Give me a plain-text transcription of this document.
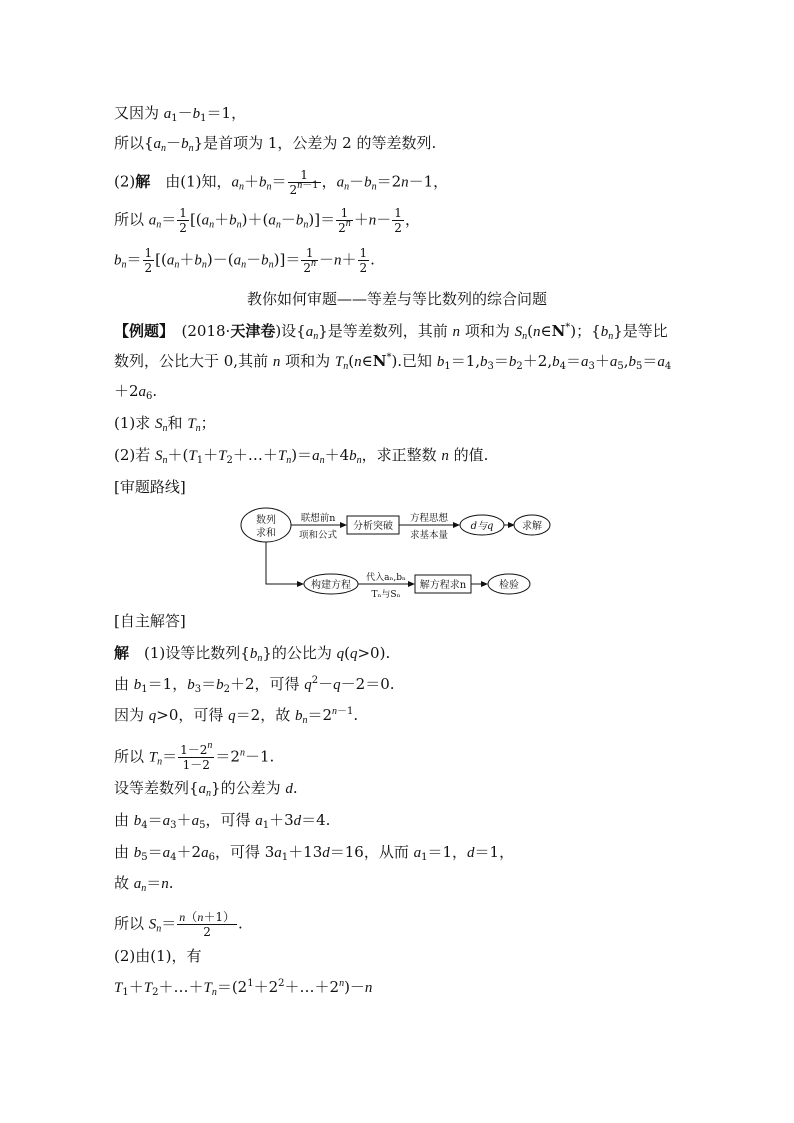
又因为 $a_1-b_1=1$，
所以$\{a_n-b_n\}$是首项为 1，公差为 2 的等差数列.
(2)解　由(1)知，$a_n+b_n= \frac{1}{2^{n-1}}$ ，$a_n-b_n=2n-1$，
所以 $a_n= \frac{1}{2} [(a_n+b_n)+(a_n-b_n)]= \frac{1}{2^n} +n- \frac{1}{2}$ ，
$b_n= \frac{1}{2} [(a_n+b_n)-(a_n-b_n)]= \frac{1}{2^n} -n+ \frac{1}{2}$ .
教你如何审题——等差与等比数列的综合问题
【例题】　(2018·天津卷)设$\{a_n\}$是等差数列，其前 n 项和为 $S_n(n\in N^*)$；$\{b_n\}$是等比
数列，公比大于 0,其前 n 项和为 $T_n(n\in N^*)$.已知 $b_1=1,b_3=b_2+2,b_4=a_3+a_5,b_5=a_4$
$+2a_6$.
(1)求 $S_n$和 $T_n$；
(2)若 $S_n+(T_1+T_2+\dots+T_n)=a_n+4b_n$，求正整数 n 的值.
[审题路线]
数列
求和
联想前n
项和公式
分析突破
方程思想
求基本量
d与q	求解
构建方程
代入aₙ,bₙ
Tₙ与Sₙ
解方程求n	检验
[自主解答]
解　(1)设等比数列$\{b_n\}$的公比为 q(q>0).
由 $b_1=1$，$b_3=b_2+2$，可得 $q^2-q-2=0$.
因为 q>0，可得 q＝2，故 $b_n=2^{n-1}$.
所以 $T_n= \frac{1-2^n}{1-2} =2^n-1$.
设等差数列$\{a_n\}$的公差为 d.
由 $b_4=a_3+a_5$，可得 $a_1+3d=4$.
由 $b_5=a_4+2a_6$，可得 $3a_1+13d=16$，从而 $a_1=1$，d＝1，
故 $a_n=n$.
所以 $S_n= \frac{n(n+1)}{2}$ .
(2)由(1)，有
$T_1+T_2+\dots+T_n=(2^1+2^2+\dots+2^n)-n$
